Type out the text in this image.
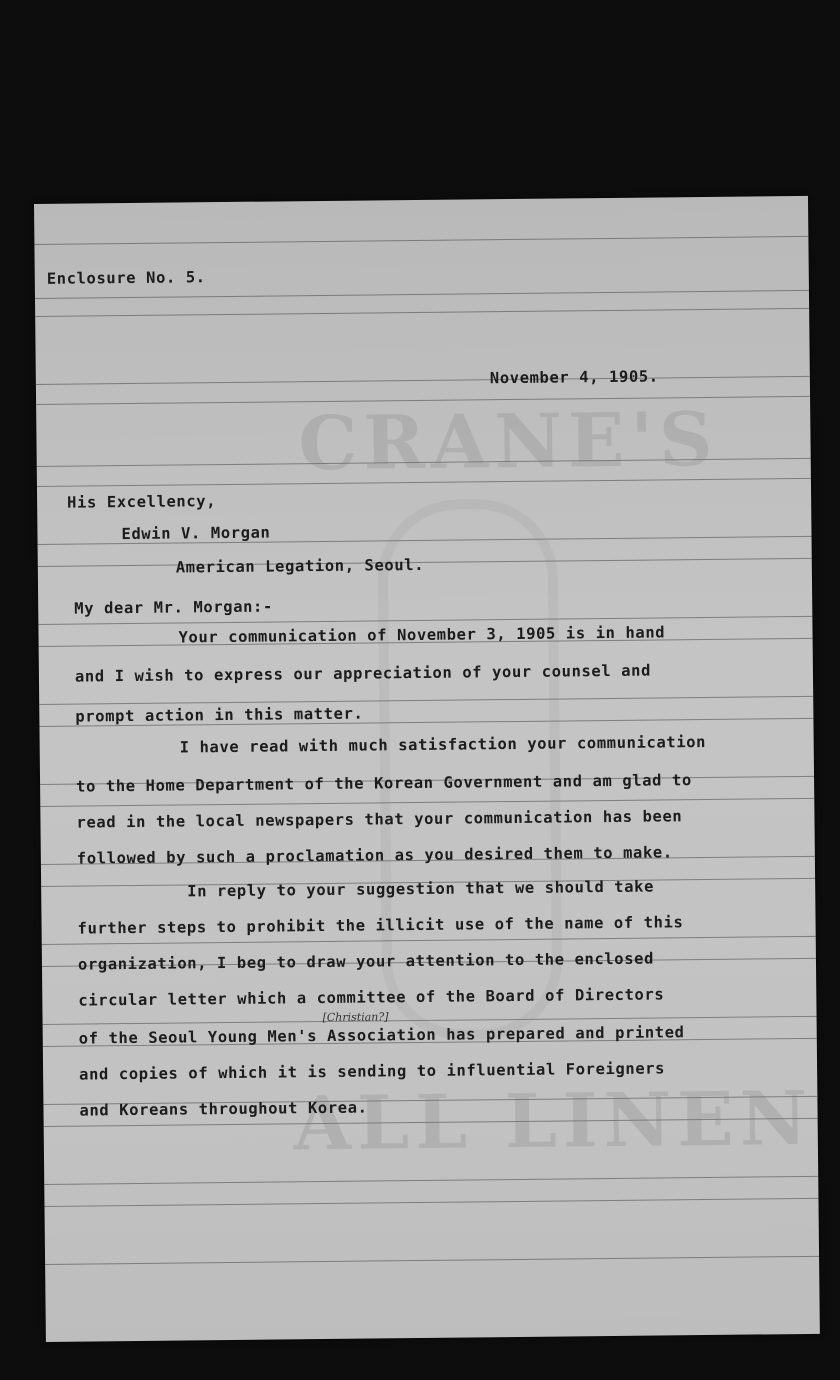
CRANE'S
ALL LINEN
Enclosure No. 5.
November 4, 1905.
His Excellency,
Edwin V. Morgan
American Legation, Seoul.
My dear Mr. Morgan:-
Your communication of November 3, 1905 is in hand
and I wish to express our appreciation of your counsel and
prompt action in this matter.
I have read with much satisfaction your communication
to the Home Department of the Korean Government and am glad to
read in the local newspapers that your communication has been
followed by such a proclamation as you desired them to make.
In reply to your suggestion that we should take
further steps to prohibit the illicit use of the name of this
organization, I beg to draw your attention to the enclosed
circular letter which a committee of the Board of Directors
[Christian?]
of the Seoul Young Men's Association has prepared and printed
and copies of which it is sending to influential Foreigners
and Koreans throughout Korea.
